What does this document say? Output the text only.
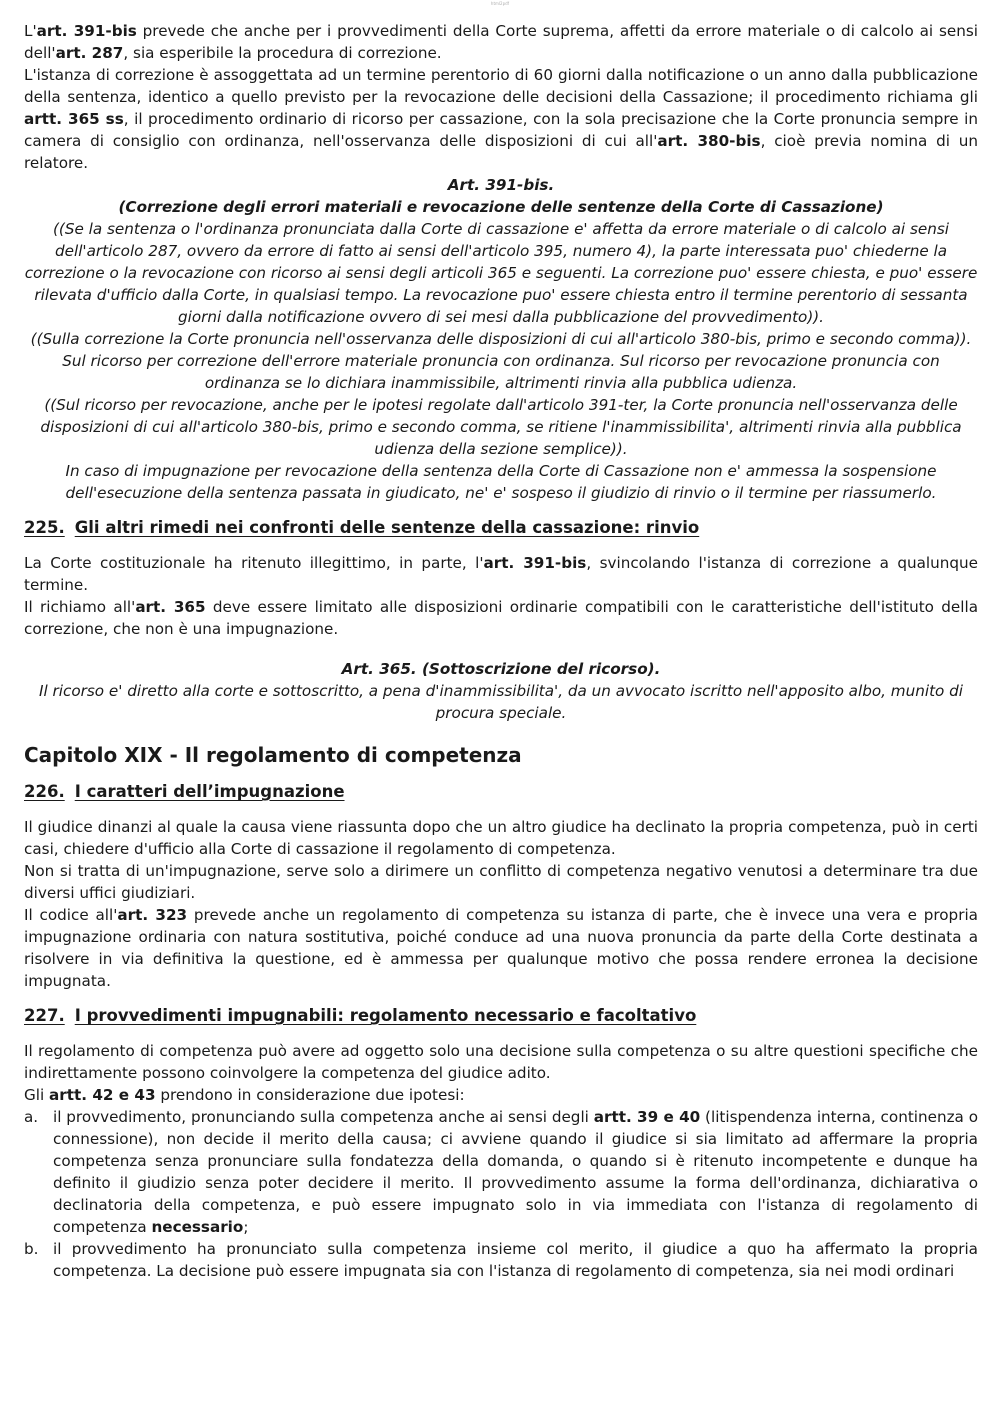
html2pdf

L'art. 391-bis prevede che anche per i provvedimenti della Corte suprema, affetti da errore materiale o di calcolo ai sensi dell'art. 287, sia esperibile la procedura di correzione.

L'istanza di correzione è assoggettata ad un termine perentorio di 60 giorni dalla notificazione o un anno dalla pubblicazione della sentenza, identico a quello previsto per la revocazione delle decisioni della Cassazione; il procedimento richiama gli artt. 365 ss, il procedimento ordinario di ricorso per cassazione, con la sola precisazione che la Corte pronuncia sempre in camera di consiglio con ordinanza, nell'osservanza delle disposizioni di cui all'art. 380-bis, cioè previa nomina di un relatore.

Art. 391-bis.

(Correzione degli errori materiali e revocazione delle sentenze della Corte di Cassazione)

((Se la sentenza o l'ordinanza pronunciata dalla Corte di cassazione e' affetta da errore materiale o di calcolo ai sensi dell'articolo 287, ovvero da errore di fatto ai sensi dell'articolo 395, numero 4), la parte interessata puo' chiederne la correzione o la revocazione con ricorso ai sensi degli articoli 365 e seguenti. La correzione puo' essere chiesta, e puo' essere rilevata d'ufficio dalla Corte, in qualsiasi tempo. La revocazione puo' essere chiesta entro il termine perentorio di sessanta giorni dalla notificazione ovvero di sei mesi dalla pubblicazione del provvedimento)).

((Sulla correzione la Corte pronuncia nell'osservanza delle disposizioni di cui all'articolo 380-bis, primo e secondo comma)). Sul ricorso per correzione dell'errore materiale pronuncia con ordinanza. Sul ricorso per revocazione pronuncia con ordinanza se lo dichiara inammissibile, altrimenti rinvia alla pubblica udienza.

((Sul ricorso per revocazione, anche per le ipotesi regolate dall'articolo 391-ter, la Corte pronuncia nell'osservanza delle disposizioni di cui all'articolo 380-bis, primo e secondo comma, se ritiene l'inammissibilita', altrimenti rinvia alla pubblica udienza della sezione semplice)).

In caso di impugnazione per revocazione della sentenza della Corte di Cassazione non e' ammessa la sospensione dell'esecuzione della sentenza passata in giudicato, ne' e' sospeso il giudizio di rinvio o il termine per riassumerlo.

225. Gli altri rimedi nei confronti delle sentenze della cassazione: rinvio

La Corte costituzionale ha ritenuto illegittimo, in parte, l'art. 391-bis, svincolando l'istanza di correzione a qualunque termine.

Il richiamo all'art. 365 deve essere limitato alle disposizioni ordinarie compatibili con le caratteristiche dell'istituto della correzione, che non è una impugnazione.

Art. 365. (Sottoscrizione del ricorso).

Il ricorso e' diretto alla corte e sottoscritto, a pena d'inammissibilita', da un avvocato iscritto nell'apposito albo, munito di procura speciale.

Capitolo XIX - Il regolamento di competenza
226. I caratteri dell’impugnazione

Il giudice dinanzi al quale la causa viene riassunta dopo che un altro giudice ha declinato la propria competenza, può in certi casi, chiedere d'ufficio alla Corte di cassazione il regolamento di competenza.

Non si tratta di un'impugnazione, serve solo a dirimere un conflitto di competenza negativo venutosi a determinare tra due diversi uffici giudiziari.

Il codice all'art. 323 prevede anche un regolamento di competenza su istanza di parte, che è invece una vera e propria impugnazione ordinaria con natura sostitutiva, poiché conduce ad una nuova pronuncia da parte della Corte destinata a risolvere in via definitiva la questione, ed è ammessa per qualunque motivo che possa rendere erronea la decisione impugnata.

227. I provvedimenti impugnabili: regolamento necessario e facoltativo

Il regolamento di competenza può avere ad oggetto solo una decisione sulla competenza o su altre questioni specifiche che indirettamente possono coinvolgere la competenza del giudice adito.

Gli artt. 42 e 43 prendono in considerazione due ipotesi:

a. il provvedimento, pronunciando sulla competenza anche ai sensi degli artt. 39 e 40 (litispendenza interna, continenza o connessione), non decide il merito della causa; ci avviene quando il giudice si sia limitato ad affermare la propria competenza senza pronunciare sulla fondatezza della domanda, o quando si è ritenuto incompetente e dunque ha definito il giudizio senza poter decidere il merito. Il provvedimento assume la forma dell'ordinanza, dichiarativa o declinatoria della competenza, e può essere impugnato solo in via immediata con l'istanza di regolamento di competenza necessario;
b. il provvedimento ha pronunciato sulla competenza insieme col merito, il giudice a quo ha affermato la propria competenza. La decisione può essere impugnata sia con l'istanza di regolamento di competenza, sia nei modi ordinari
